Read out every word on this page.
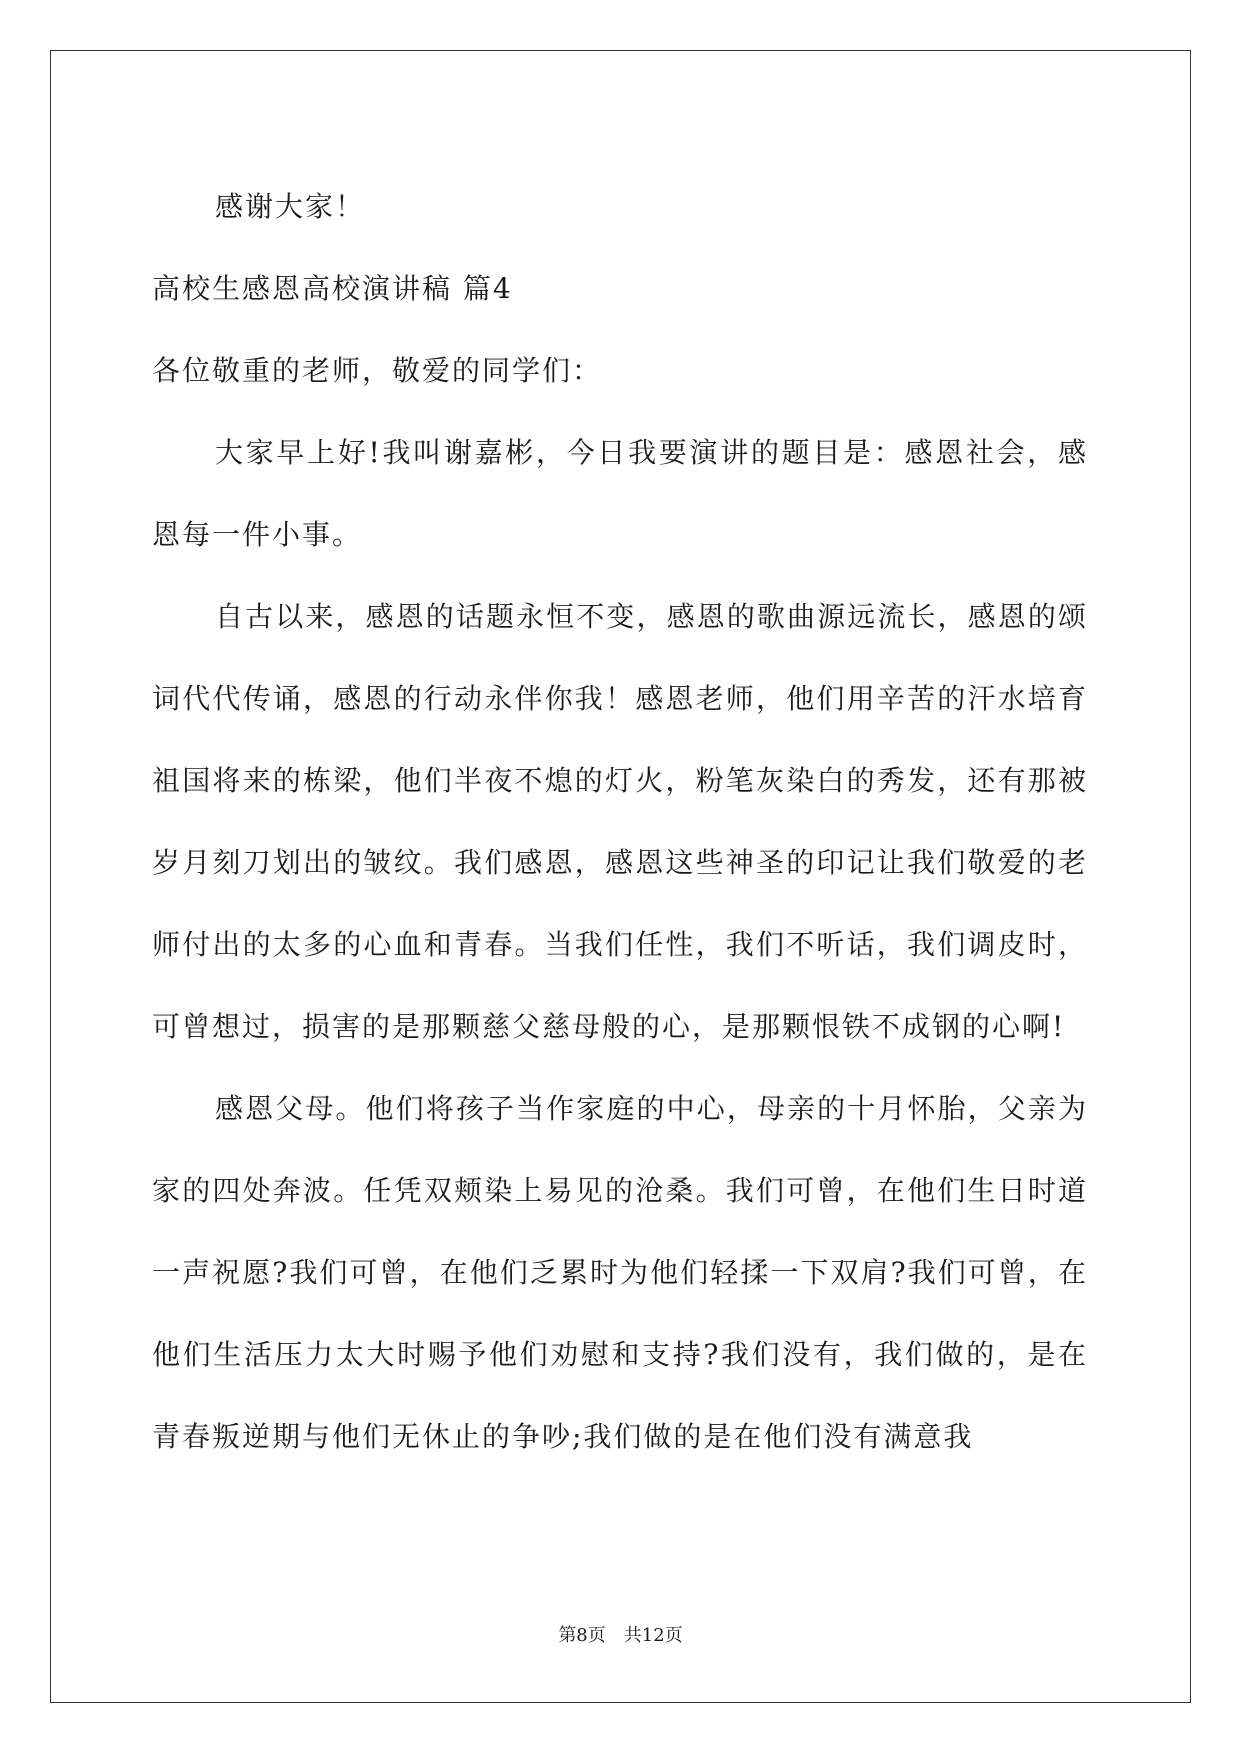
感谢大家！

高校生感恩高校演讲稿 篇4

各位敬重的老师，敬爱的同学们：

大家早上好!我叫谢嘉彬，今日我要演讲的题目是：感恩社会，感恩每一件小事。

自古以来，感恩的话题永恒不变，感恩的歌曲源远流长，感恩的颂词代代传诵，感恩的行动永伴你我！感恩老师，他们用辛苦的汗水培育祖国将来的栋梁，他们半夜不熄的灯火，粉笔灰染白的秀发，还有那被岁月刻刀划出的皱纹。我们感恩，感恩这些神圣的印记让我们敬爱的老师付出的太多的心血和青春。当我们任性，我们不听话，我们调皮时，可曾想过，损害的是那颗慈父慈母般的心，是那颗恨铁不成钢的心啊!

感恩父母。他们将孩子当作家庭的中心，母亲的十月怀胎，父亲为家的四处奔波。任凭双颊染上易见的沧桑。我们可曾，在他们生日时道一声祝愿?我们可曾，在他们乏累时为他们轻揉一下双肩?我们可曾，在他们生活压力太大时赐予他们劝慰和支持?我们没有，我们做的，是在青春叛逆期与他们无休止的争吵;我们做的是在他们没有满意我

第8页 共12页
